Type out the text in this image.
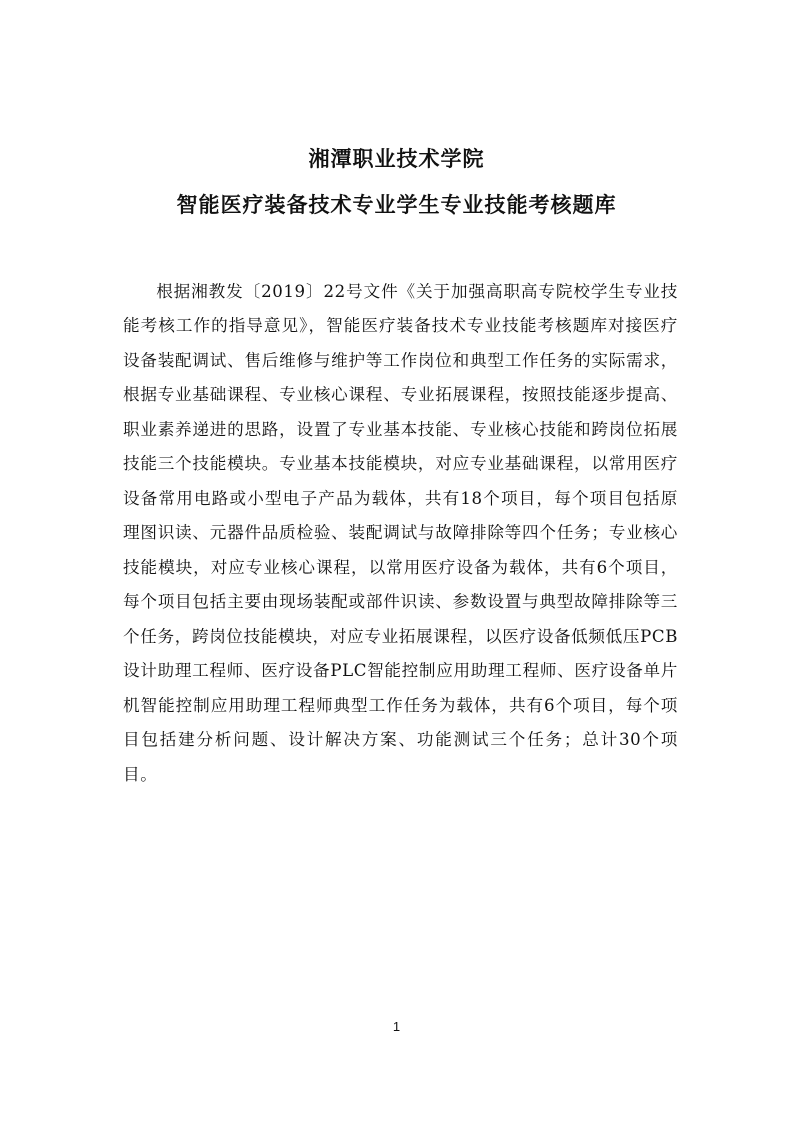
湘潭职业技术学院
智能医疗装备技术专业学生专业技能考核题库

根据湘教发〔2019〕22号文件《关于加强高职高专院校学生专业技能考核工作的指导意见》，智能医疗装备技术专业技能考核题库对接医疗设备装配调试、售后维修与维护等工作岗位和典型工作任务的实际需求，根据专业基础课程、专业核心课程、专业拓展课程，按照技能逐步提高、职业素养递进的思路，设置了专业基本技能、专业核心技能和跨岗位拓展技能三个技能模块。专业基本技能模块，对应专业基础课程，以常用医疗设备常用电路或小型电子产品为载体，共有18个项目，每个项目包括原理图识读、元器件品质检验、装配调试与故障排除等四个任务；专业核心技能模块，对应专业核心课程，以常用医疗设备为载体，共有6个项目，每个项目包括主要由现场装配或部件识读、参数设置与典型故障排除等三个任务，跨岗位技能模块，对应专业拓展课程，以医疗设备低频低压PCB设计助理工程师、医疗设备PLC智能控制应用助理工程师、医疗设备单片机智能控制应用助理工程师典型工作任务为载体，共有6个项目，每个项目包括建分析问题、设计解决方案、功能测试三个任务；总计30个项目。

1
